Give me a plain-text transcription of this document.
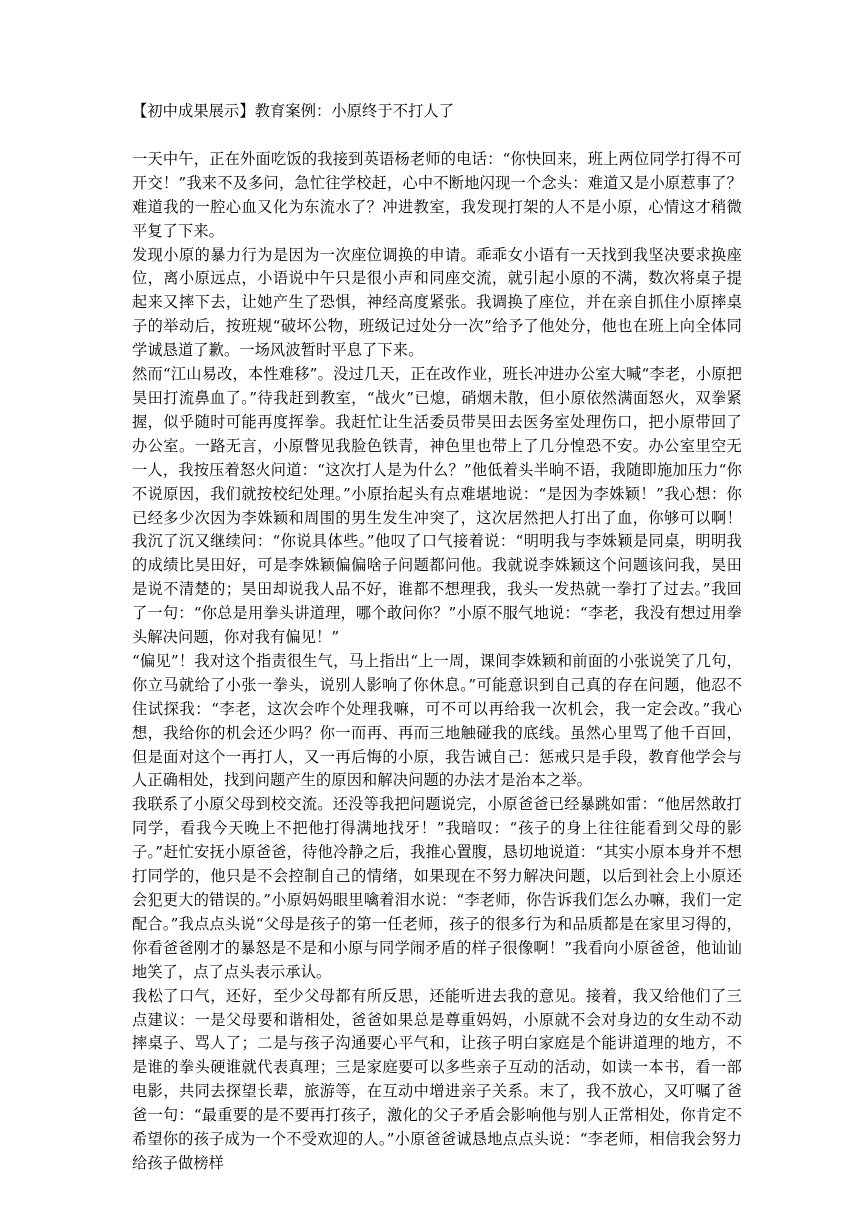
【初中成果展示】教育案例：小原终于不打人了

一天中午，正在外面吃饭的我接到英语杨老师的电话：“你快回来，班上两位同学打得不可开交！”我来不及多问，急忙往学校赶，心中不断地闪现一个念头：难道又是小原惹事了？难道我的一腔心血又化为东流水了？冲进教室，我发现打架的人不是小原，心情这才稍微平复了下来。

发现小原的暴力行为是因为一次座位调换的申请。乖乖女小语有一天找到我坚决要求换座位，离小原远点，小语说中午只是很小声和同座交流，就引起小原的不满，数次将桌子提起来又摔下去，让她产生了恐惧，神经高度紧张。我调换了座位，并在亲自抓住小原摔桌子的举动后，按班规“破坏公物，班级记过处分一次”给予了他处分，他也在班上向全体同学诚恳道了歉。一场风波暂时平息了下来。

然而“江山易改，本性难移”。没过几天，正在改作业，班长冲进办公室大喊“李老，小原把昊田打流鼻血了。”待我赶到教室，“战火”已熄，硝烟未散，但小原依然满面怒火，双拳紧握，似乎随时可能再度挥拳。我赶忙让生活委员带昊田去医务室处理伤口，把小原带回了办公室。一路无言，小原瞥见我脸色铁青，神色里也带上了几分惶恐不安。办公室里空无一人，我按压着怒火问道：“这次打人是为什么？”他低着头半晌不语，我随即施加压力“你不说原因，我们就按校纪处理。”小原抬起头有点难堪地说：“是因为李姝颖！”我心想：你已经多少次因为李姝颖和周围的男生发生冲突了，这次居然把人打出了血，你够可以啊！我沉了沉又继续问：“你说具体些。”他叹了口气接着说：“明明我与李姝颖是同桌，明明我的成绩比昊田好，可是李姝颖偏偏啥子问题都问他。我就说李姝颖这个问题该问我，昊田是说不清楚的；昊田却说我人品不好，谁都不想理我，我头一发热就一拳打了过去。”我回了一句：“你总是用拳头讲道理，哪个敢问你？”小原不服气地说：“李老，我没有想过用拳头解决问题，你对我有偏见！”

“偏见”！我对这个指责很生气，马上指出“上一周，课间李姝颖和前面的小张说笑了几句，你立马就给了小张一拳头，说别人影响了你休息。”可能意识到自己真的存在问题，他忍不住试探我：“李老，这次会咋个处理我嘛，可不可以再给我一次机会，我一定会改。”我心想，我给你的机会还少吗？你一而再、再而三地触碰我的底线。虽然心里骂了他千百回，但是面对这个一再打人，又一再后悔的小原，我告诫自己：惩戒只是手段，教育他学会与人正确相处，找到问题产生的原因和解决问题的办法才是治本之举。

我联系了小原父母到校交流。还没等我把问题说完，小原爸爸已经暴跳如雷：“他居然敢打同学，看我今天晚上不把他打得满地找牙！”我暗叹：“孩子的身上往往能看到父母的影子。”赶忙安抚小原爸爸，待他冷静之后，我推心置腹，恳切地说道：“其实小原本身并不想打同学的，他只是不会控制自己的情绪，如果现在不努力解决问题，以后到社会上小原还会犯更大的错误的。”小原妈妈眼里噙着泪水说：“李老师，你告诉我们怎么办嘛，我们一定配合。”我点点头说“父母是孩子的第一任老师，孩子的很多行为和品质都是在家里习得的，你看爸爸刚才的暴怒是不是和小原与同学闹矛盾的样子很像啊！”我看向小原爸爸，他讪讪地笑了，点了点头表示承认。

我松了口气，还好，至少父母都有所反思，还能听进去我的意见。接着，我又给他们了三点建议：一是父母要和谐相处，爸爸如果总是尊重妈妈，小原就不会对身边的女生动不动摔桌子、骂人了；二是与孩子沟通要心平气和，让孩子明白家庭是个能讲道理的地方，不是谁的拳头硬谁就代表真理；三是家庭要可以多些亲子互动的活动，如读一本书，看一部电影，共同去探望长辈，旅游等，在互动中增进亲子关系。末了，我不放心，又叮嘱了爸爸一句：“最重要的是不要再打孩子，激化的父子矛盾会影响他与别人正常相处，你肯定不希望你的孩子成为一个不受欢迎的人。”小原爸爸诚恳地点点头说：“李老师，相信我会努力给孩子做榜样
